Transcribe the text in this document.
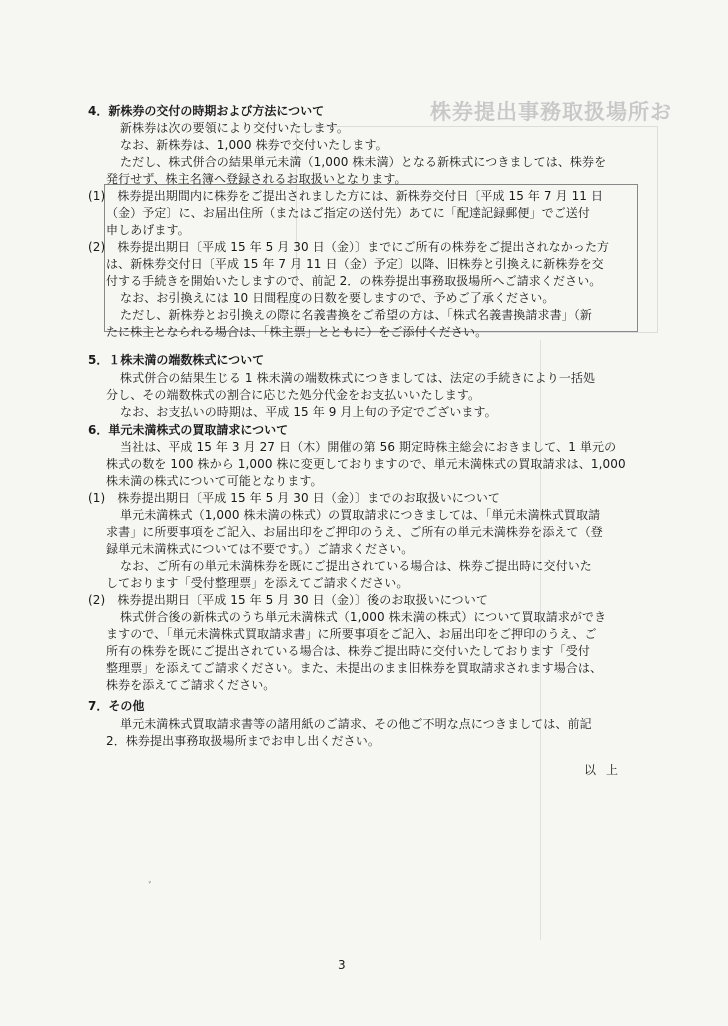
株券提出事務取扱場所お
4．新株券の交付の時期および方法について
新株券は次の要領により交付いたします。
なお、新株券は、1,000 株券で交付いたします。
ただし、株式併合の結果単元未満（1,000 株未満）となる新株式につきましては、株券を
発行せず、株主名簿へ登録されるお取扱いとなります。
(1)　株券提出期間内に株券をご提出されました方には、新株券交付日〔平成 15 年 7 月 11 日
（金）予定〕に、お届出住所（またはご指定の送付先）あてに「配達記録郵便」でご送付
申しあげます。
(2)　株券提出期日〔平成 15 年 5 月 30 日（金）〕までにご所有の株券をご提出されなかった方
は、新株券交付日〔平成 15 年 7 月 11 日（金）予定〕以降、旧株券と引換えに新株券を交
付する手続きを開始いたしますので、前記 2．の株券提出事務取扱場所へご請求ください。
なお、お引換えには 10 日間程度の日数を要しますので、予めご了承ください。
ただし、新株券とお引換えの際に名義書換をご希望の方は、「株式名義書換請求書」（新
たに株主となられる場合は、「株主票」とともに）をご添付ください。
5．１株未満の端数株式について
株式併合の結果生じる 1 株未満の端数株式につきましては、法定の手続きにより一括処
分し、その端数株式の割合に応じた処分代金をお支払いいたします。
なお、お支払いの時期は、平成 15 年 9 月上旬の予定でございます。
6．単元未満株式の買取請求について
当社は、平成 15 年 3 月 27 日（木）開催の第 56 期定時株主総会におきまして、1 単元の
株式の数を 100 株から 1,000 株に変更しておりますので、単元未満株式の買取請求は、1,000
株未満の株式について可能となります。
(1)　株券提出期日〔平成 15 年 5 月 30 日（金）〕までのお取扱いについて
単元未満株式（1,000 株未満の株式）の買取請求につきましては、「単元未満株式買取請
求書」に所要事項をご記入、お届出印をご押印のうえ、ご所有の単元未満株券を添えて（登
録単元未満株式については不要です。）ご請求ください。
なお、ご所有の単元未満株券を既にご提出されている場合は、株券ご提出時に交付いた
しております「受付整理票」を添えてご請求ください。
(2)　株券提出期日〔平成 15 年 5 月 30 日（金）〕後のお取扱いについて
株式併合後の新株式のうち単元未満株式（1,000 株未満の株式）について買取請求ができ
ますので、「単元未満株式買取請求書」に所要事項をご記入、お届出印をご押印のうえ、ご
所有の株券を既にご提出されている場合は、株券ご提出時に交付いたしております「受付
整理票」を添えてご請求ください。また、未提出のまま旧株券を買取請求されます場合は、
株券を添えてご請求ください。
7．その他
単元未満株式買取請求書等の諸用紙のご請求、その他ご不明な点につきましては、前記
2．株券提出事務取扱場所までお申し出ください。
以上
ﾞ
3
